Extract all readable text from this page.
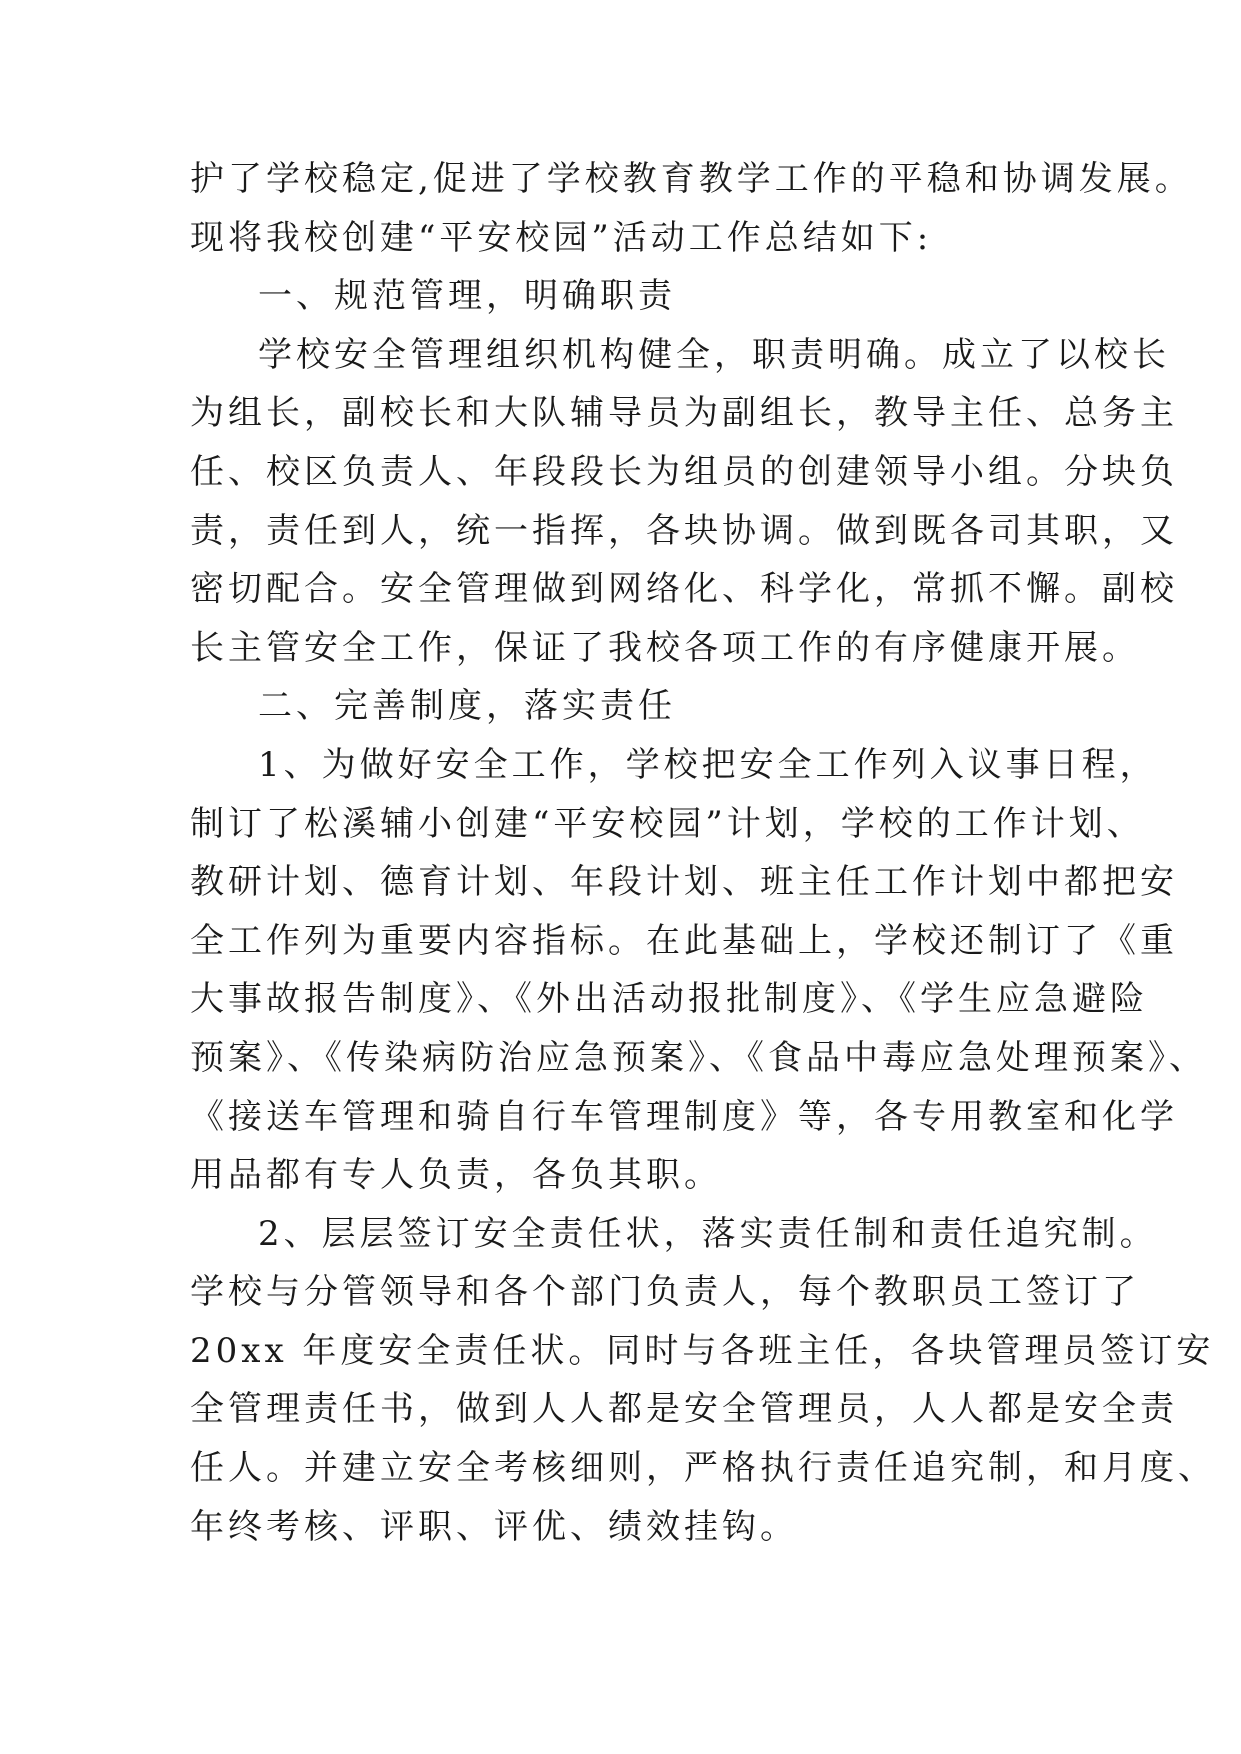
护了学校稳定,促进了学校教育教学工作的平稳和协调发展。
现将我校创建“平安校园”活动工作总结如下:
一、规范管理，明确职责
学校安全管理组织机构健全，职责明确。成立了以校长
为组长，副校长和大队辅导员为副组长，教导主任、总务主
任、校区负责人、年段段长为组员的创建领导小组。分块负
责，责任到人，统一指挥，各块协调。做到既各司其职，又
密切配合。安全管理做到网络化、科学化，常抓不懈。副校
长主管安全工作，保证了我校各项工作的有序健康开展。
二、完善制度，落实责任
1、为做好安全工作，学校把安全工作列入议事日程，
制订了松溪辅小创建“平安校园”计划，学校的工作计划、
教研计划、德育计划、年段计划、班主任工作计划中都把安
全工作列为重要内容指标。在此基础上，学校还制订了《重
大事故报告制度》、《外出活动报批制度》、《学生应急避险
预案》、《传染病防治应急预案》、《食品中毒应急处理预案》、
《接送车管理和骑自行车管理制度》等，各专用教室和化学
用品都有专人负责，各负其职。
2、层层签订安全责任状，落实责任制和责任追究制。
学校与分管领导和各个部门负责人，每个教职员工签订了
20xx 年度安全责任状。同时与各班主任，各块管理员签订安
全管理责任书，做到人人都是安全管理员，人人都是安全责
任人。并建立安全考核细则，严格执行责任追究制，和月度、
年终考核、评职、评优、绩效挂钩。
